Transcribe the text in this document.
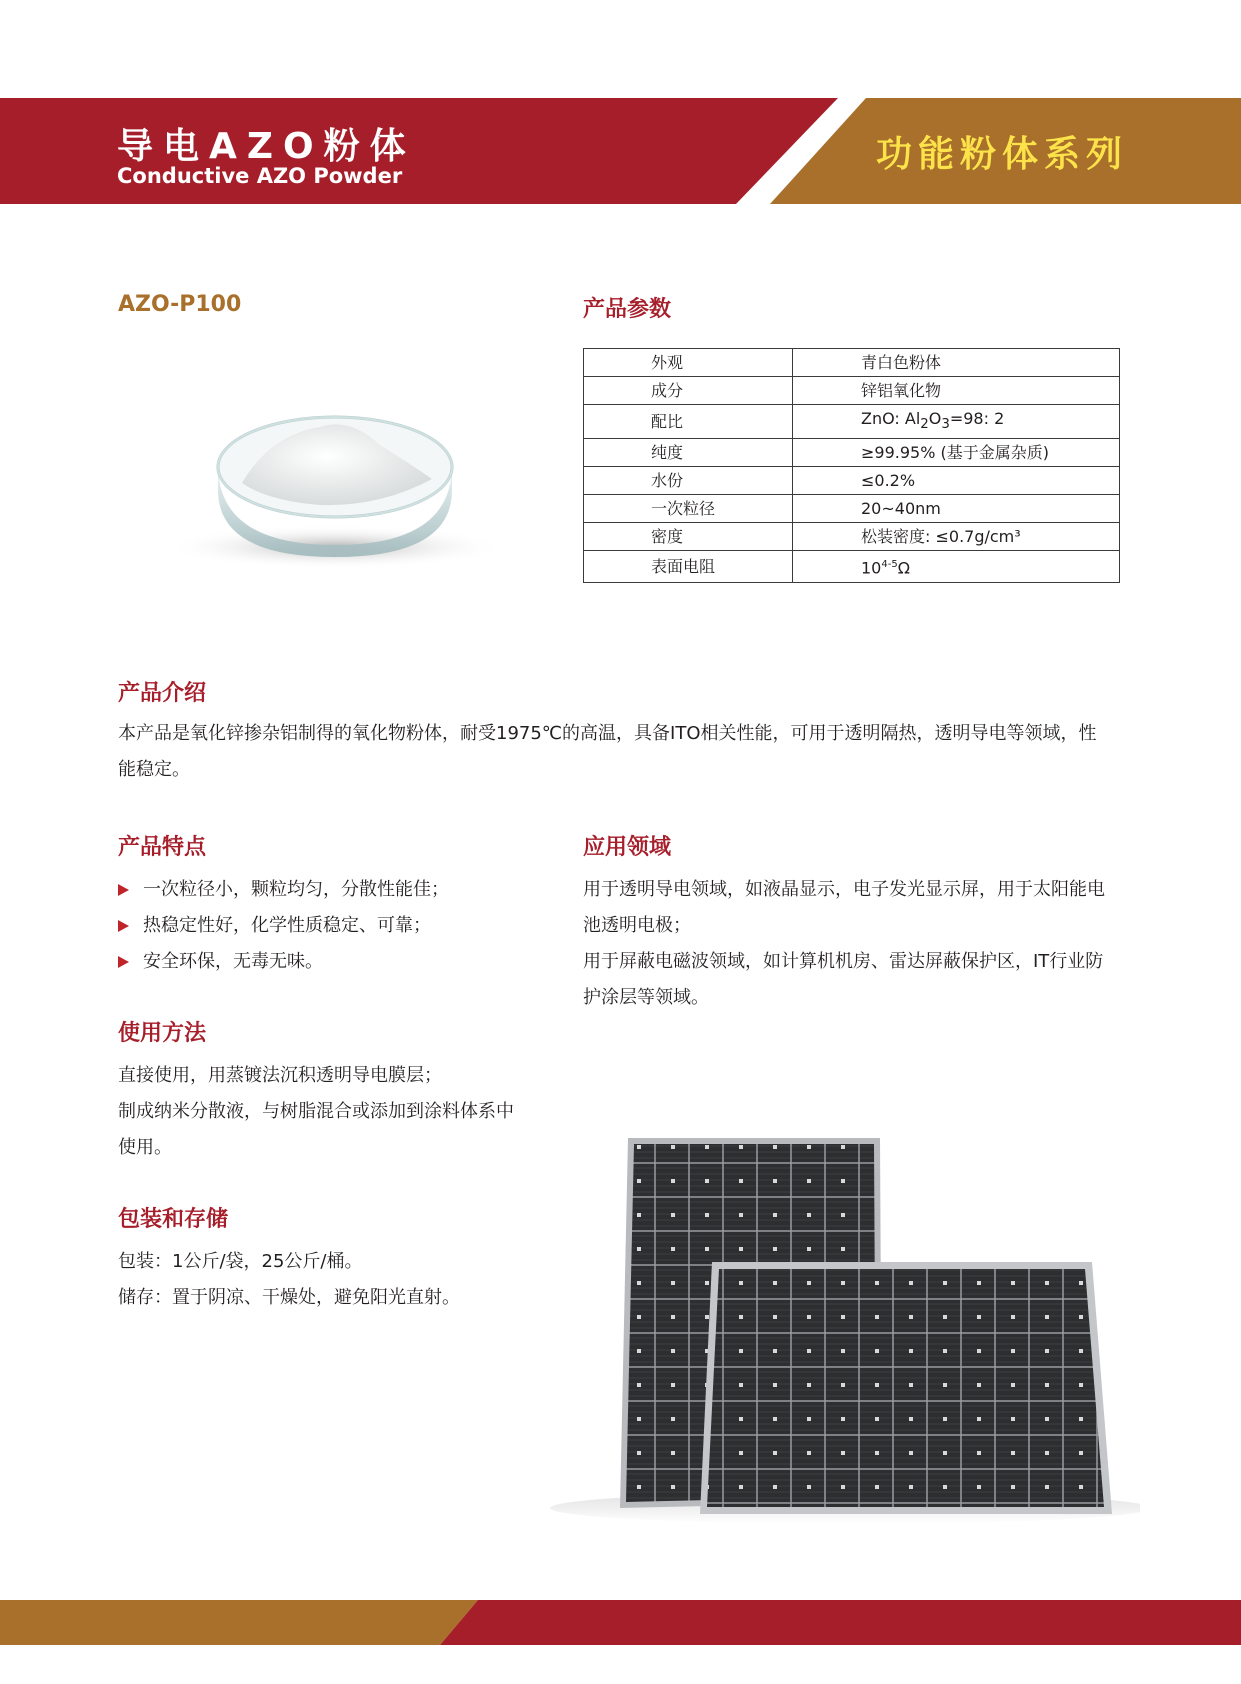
导电AZO粉体
Conductive AZO Powder
功能粉体系列
AZO-P100	产品参数
外观	青白色粉体
成分	锌铝氧化物
配比	ZnO: $Al_2O_3=98$: 2
纯度	≥99.95% (基于金属杂质)
水份	≤0.2%
一次粒径	20~40nm
密度	松装密度: ≤0.7g/cm³
表面电阻	10$^{4-5}$Ω
产品介绍
本产品是氧化锌掺杂铝制得的氧化物粉体，耐受1975℃的高温，具备ITO相关性能，可用于透明隔热，透明导电等领域，性
能稳定。
产品特点
一次粒径小，颗粒均匀，分散性能佳；
热稳定性好，化学性质稳定、可靠；
安全环保，无毒无味。
应用领域
用于透明导电领域，如液晶显示，电子发光显示屏，用于太阳能电
池透明电极；
用于屏蔽电磁波领域，如计算机机房、雷达屏蔽保护区，IT行业防
护涂层等领域。
使用方法
直接使用，用蒸镀法沉积透明导电膜层；
制成纳米分散液，与树脂混合或添加到涂料体系中
使用。
包装和存储
包装：1公斤/袋，25公斤/桶。
储存：置于阴凉、干燥处，避免阳光直射。
